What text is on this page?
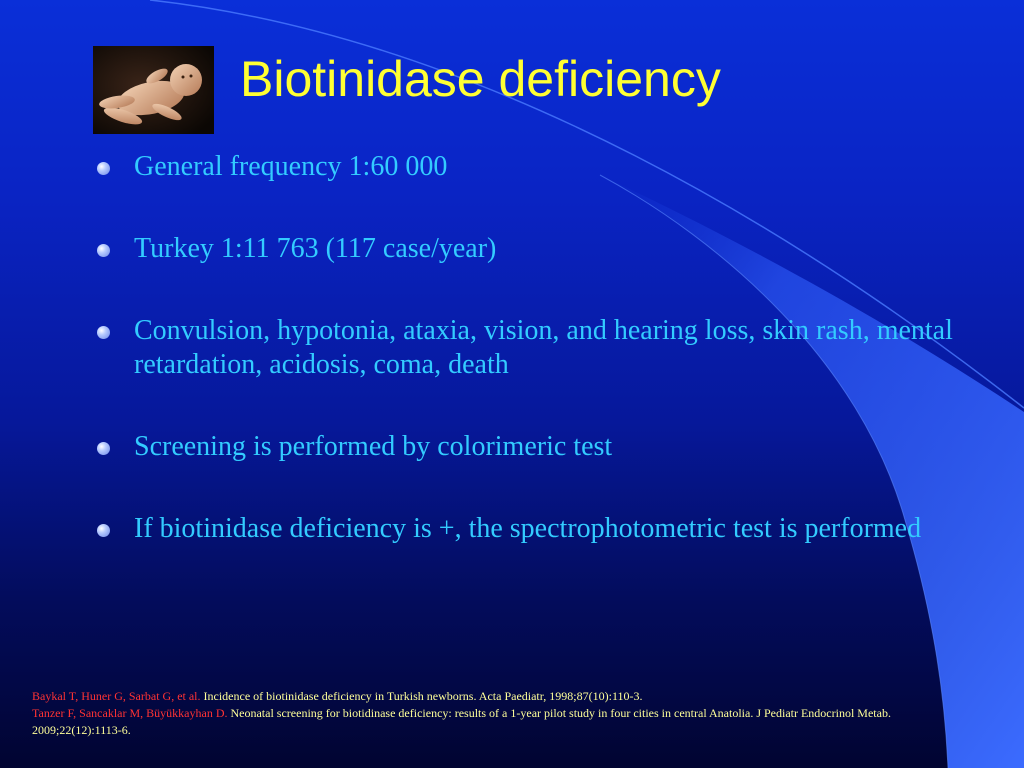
Biotinidase deficiency
General frequency 1:60 000
Turkey 1:11 763 (117 case/year)
Convulsion, hypotonia, ataxia, vision, and hearing loss, skin rash, mental retardation, acidosis, coma, death
Screening is performed by colorimeric test
If biotinidase deficiency is +, the spectrophotometric test is performed
Baykal T, Huner G, Sarbat G, et al. Incidence of biotinidase deficiency in Turkish newborns. Acta Paediatr, 1998;87(10):110-3.
Tanzer F, Sancaklar M, Büyükkayhan D. Neonatal screening for biotidinase deficiency: results of a 1-year pilot study in four cities in central Anatolia. J Pediatr Endocrinol Metab. 2009;22(12):1113-6.
